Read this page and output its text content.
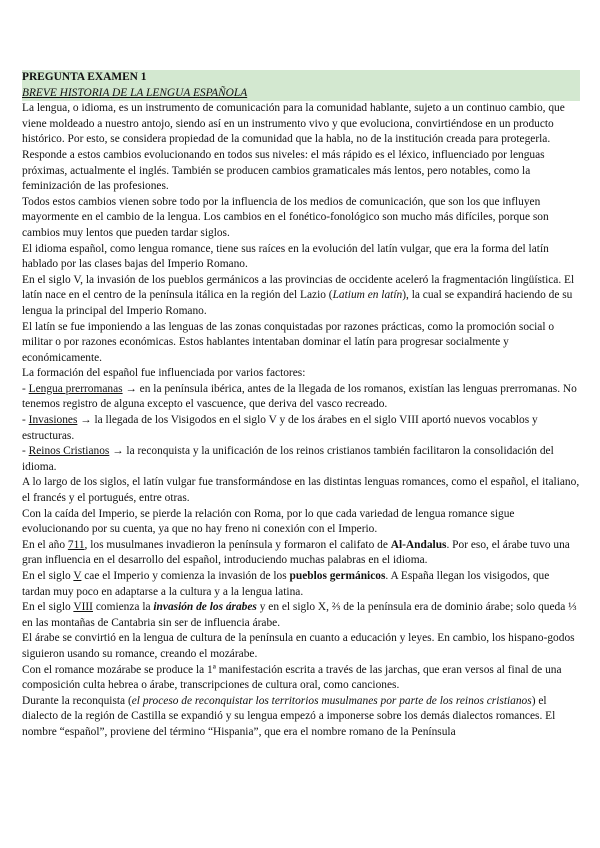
PREGUNTA EXAMEN 1
BREVE HISTORIA DE LA LENGUA ESPAÑOLA

La lengua, o idioma, es un instrumento de comunicación para la comunidad hablante, sujeto a un continuo cambio, que viene moldeado a nuestro antojo, siendo así en un instrumento vivo y que evoluciona, convirtiéndose en un producto histórico. Por esto, se considera propiedad de la comunidad que la habla, no de la institución creada para protegerla.

Responde a estos cambios evolucionando en todos sus niveles: el más rápido es el léxico, influenciado por lenguas próximas, actualmente el inglés. También se producen cambios gramaticales más lentos, pero notables, como la feminización de las profesiones.

Todos estos cambios vienen sobre todo por la influencia de los medios de comunicación, que son los que influyen mayormente en el cambio de la lengua. Los cambios en el fonético-fonológico son mucho más difíciles, porque son cambios muy lentos que pueden tardar siglos.

El idioma español, como lengua romance, tiene sus raíces en la evolución del latín vulgar, que era la forma del latín hablado por las clases bajas del Imperio Romano.

En el siglo V, la invasión de los pueblos germánicos a las provincias de occidente aceleró la fragmentación lingüística. El latín nace en el centro de la península itálica en la región del Lazio (Latium en latín), la cual se expandirá haciendo de su lengua la principal del Imperio Romano.

El latín se fue imponiendo a las lenguas de las zonas conquistadas por razones prácticas, como la promoción social o militar o por razones económicas. Estos hablantes intentaban dominar el latín para progresar socialmente y económicamente.

La formación del español fue influenciada por varios factores:

- Lengua prerromanas → en la península ibérica, antes de la llegada de los romanos, existían las lenguas prerromanas. No tenemos registro de alguna excepto el vascuence, que deriva del vasco recreado.

- Invasiones → la llegada de los Visigodos en el siglo V y de los árabes en el siglo VIII aportó nuevos vocablos y estructuras.

- Reinos Cristianos → la reconquista y la unificación de los reinos cristianos también facilitaron la consolidación del idioma.

A lo largo de los siglos, el latín vulgar fue transformándose en las distintas lenguas romances, como el español, el italiano, el francés y el portugués, entre otras.

Con la caída del Imperio, se pierde la relación con Roma, por lo que cada variedad de lengua romance sigue evolucionando por su cuenta, ya que no hay freno ni conexión con el Imperio.

En el año 711, los musulmanes invadieron la península y formaron el califato de Al-Andalus. Por eso, el árabe tuvo una gran influencia en el desarrollo del español, introduciendo muchas palabras en el idioma.

En el siglo V cae el Imperio y comienza la invasión de los pueblos germánicos. A España llegan los visigodos, que tardan muy poco en adaptarse a la cultura y a la lengua latina.

En el siglo VIII comienza la invasión de los árabes y en el siglo X, ⅔ de la península era de dominio árabe; solo queda ⅓ en las montañas de Cantabria sin ser de influencia árabe.

El árabe se convirtió en la lengua de cultura de la península en cuanto a educación y leyes. En cambio, los hispano-godos siguieron usando su romance, creando el mozárabe.

Con el romance mozárabe se produce la 1ª manifestación escrita a través de las jarchas, que eran versos al final de una composición culta hebrea o árabe, transcripciones de cultura oral, como canciones.

Durante la reconquista (el proceso de reconquistar los territorios musulmanes por parte de los reinos cristianos) el dialecto de la región de Castilla se expandió y su lengua empezó a imponerse sobre los demás dialectos romances. El nombre “español”, proviene del término “Hispania”, que era el nombre romano de la Península
